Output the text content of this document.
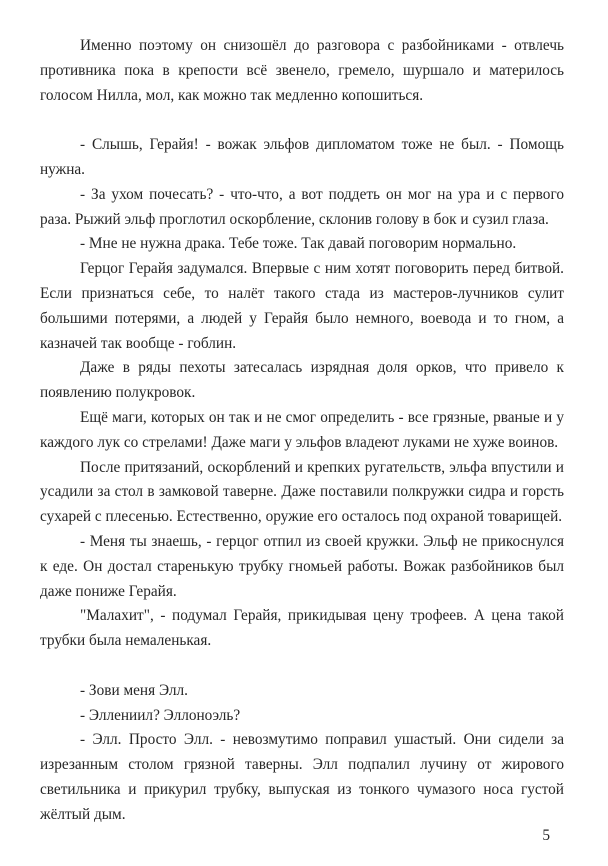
Именно поэтому он снизошёл до разговора с разбойниками - отвлечь противника пока в крепости всё звенело, гремело, шуршало и материлось голосом Нилла, мол, как можно так медленно копошиться.

- Слышь, Герайя! - вожак эльфов дипломатом тоже не был. - Помощь нужна.

- За ухом почесать? - что-что, а вот поддеть он мог на ура и с первого раза. Рыжий эльф проглотил оскорбление, склонив голову в бок и сузил глаза.

- Мне не нужна драка. Тебе тоже. Так давай поговорим нормально.

Герцог Герайя задумался. Впервые с ним хотят поговорить перед битвой. Если признаться себе, то налёт такого стада из мастеров-лучников сулит большими потерями, а людей у Герайя было немного, воевода и то гном, а казначей так вообще - гоблин.

Даже в ряды пехоты затесалась изрядная доля орков, что привело к появлению полукровок.

Ещё маги, которых он так и не смог определить - все грязные, рваные и у каждого лук со стрелами! Даже маги у эльфов владеют луками не хуже воинов.

После притязаний, оскорблений и крепких ругательств, эльфа впустили и усадили за стол в замковой таверне. Даже поставили полкружки сидра и горсть сухарей с плесенью. Естественно, оружие его осталось под охраной товарищей.

- Меня ты знаешь, - герцог отпил из своей кружки. Эльф не прикоснулся к еде. Он достал старенькую трубку гномьей работы. Вожак разбойников был даже пониже Герайя.

"Малахит", - подумал Герайя, прикидывая цену трофеев. А цена такой трубки была немаленькая.

- Зови меня Элл.

- Эллениил? Эллоноэль?

- Элл. Просто Элл. - невозмутимо поправил ушастый. Они сидели за изрезанным столом грязной таверны. Элл подпалил лучину от жирового светильника и прикурил трубку, выпуская из тонкого чумазого носа густой жёлтый дым.

5
